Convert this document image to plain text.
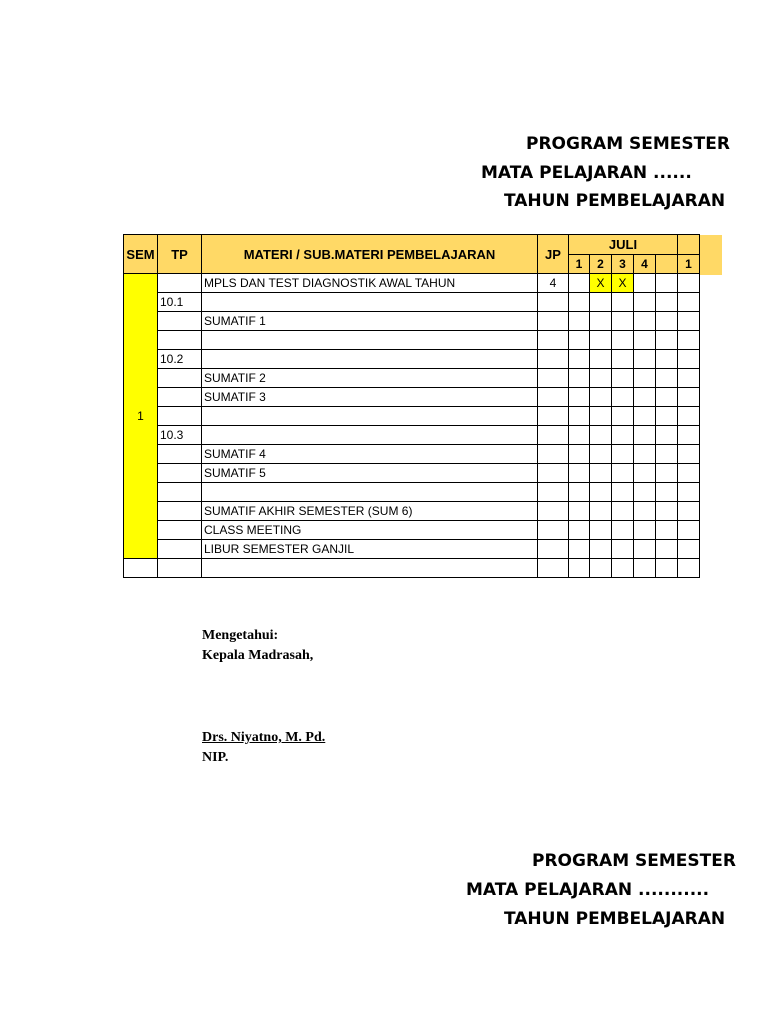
PROGRAM SEMESTER
MATA PELAJARAN ......
TAHUN PEMBELAJARAN
SEM	TP	MATERI / SUB.MATERI PEMBELAJARAN	JP	JULI					
				1	2	3	4		1
1		MPLS DAN TEST DIAGNOSTIK AWAL TAHUN	4		X	X			
	10.1								
		SUMATIF 1							

	10.2								
		SUMATIF 2							
		SUMATIF 3							

	10.3								
		SUMATIF 4							
		SUMATIF 5							

		SUMATIF AKHIR SEMESTER (SUM 6)							
		CLASS MEETING							
		LIBUR SEMESTER GANJIL							

Mengetahui:
Kepala Madrasah,
Drs. Niyatno, M. Pd.
NIP.
PROGRAM SEMESTER
MATA PELAJARAN ...........
TAHUN PEMBELAJARAN
